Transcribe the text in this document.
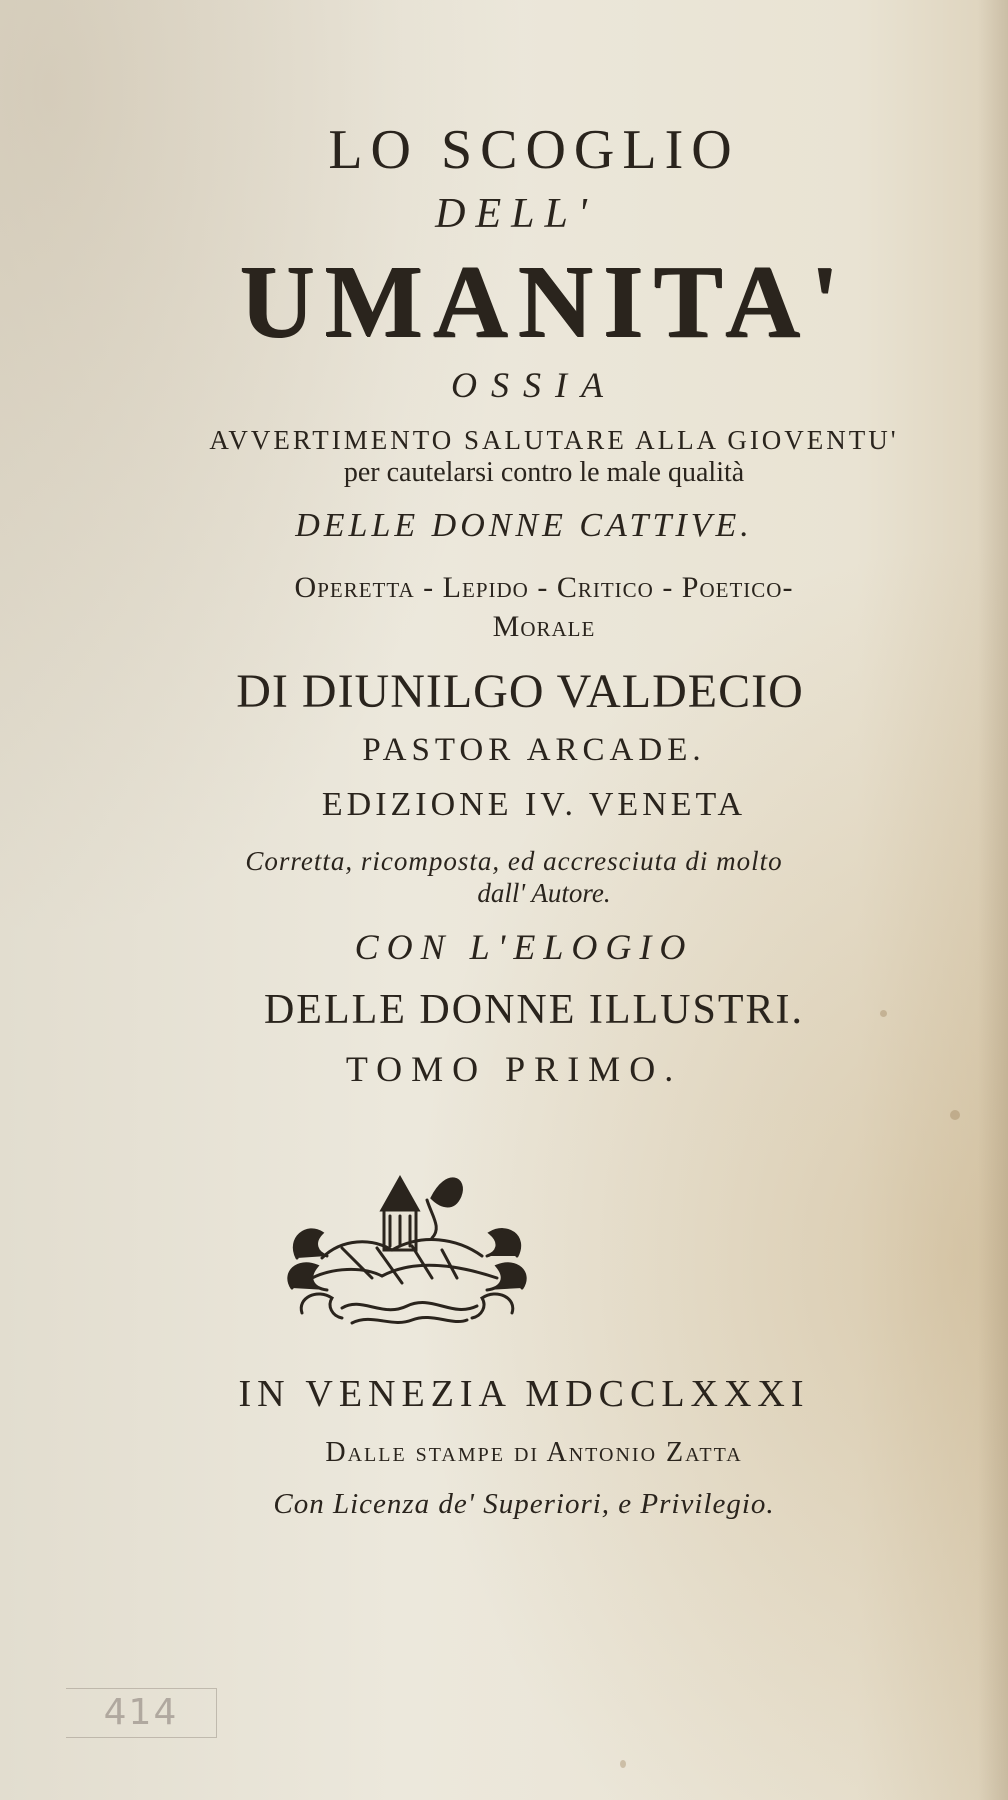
LO SCOGLIO
DELL'
UMANITA'
OSSIA
AVVERTIMENTO SALUTARE ALLA GIOVENTU'
per cautelarsi contro le male qualità
DELLE DONNE CATTIVE.
Operetta - Lepido - Critico - Poetico-
Morale
DI DIUNILGO VALDECIO
PASTOR ARCADE.
EDIZIONE IV. VENETA
Corretta, ricomposta, ed accresciuta di molto
dall' Autore.
CON L'ELOGIO
DELLE DONNE ILLUSTRI.
TOMO PRIMO.
IN VENEZIA MDCCLXXXI
Dalle stampe di Antonio Zatta
Con Licenza de' Superiori, e Privilegio.
414
